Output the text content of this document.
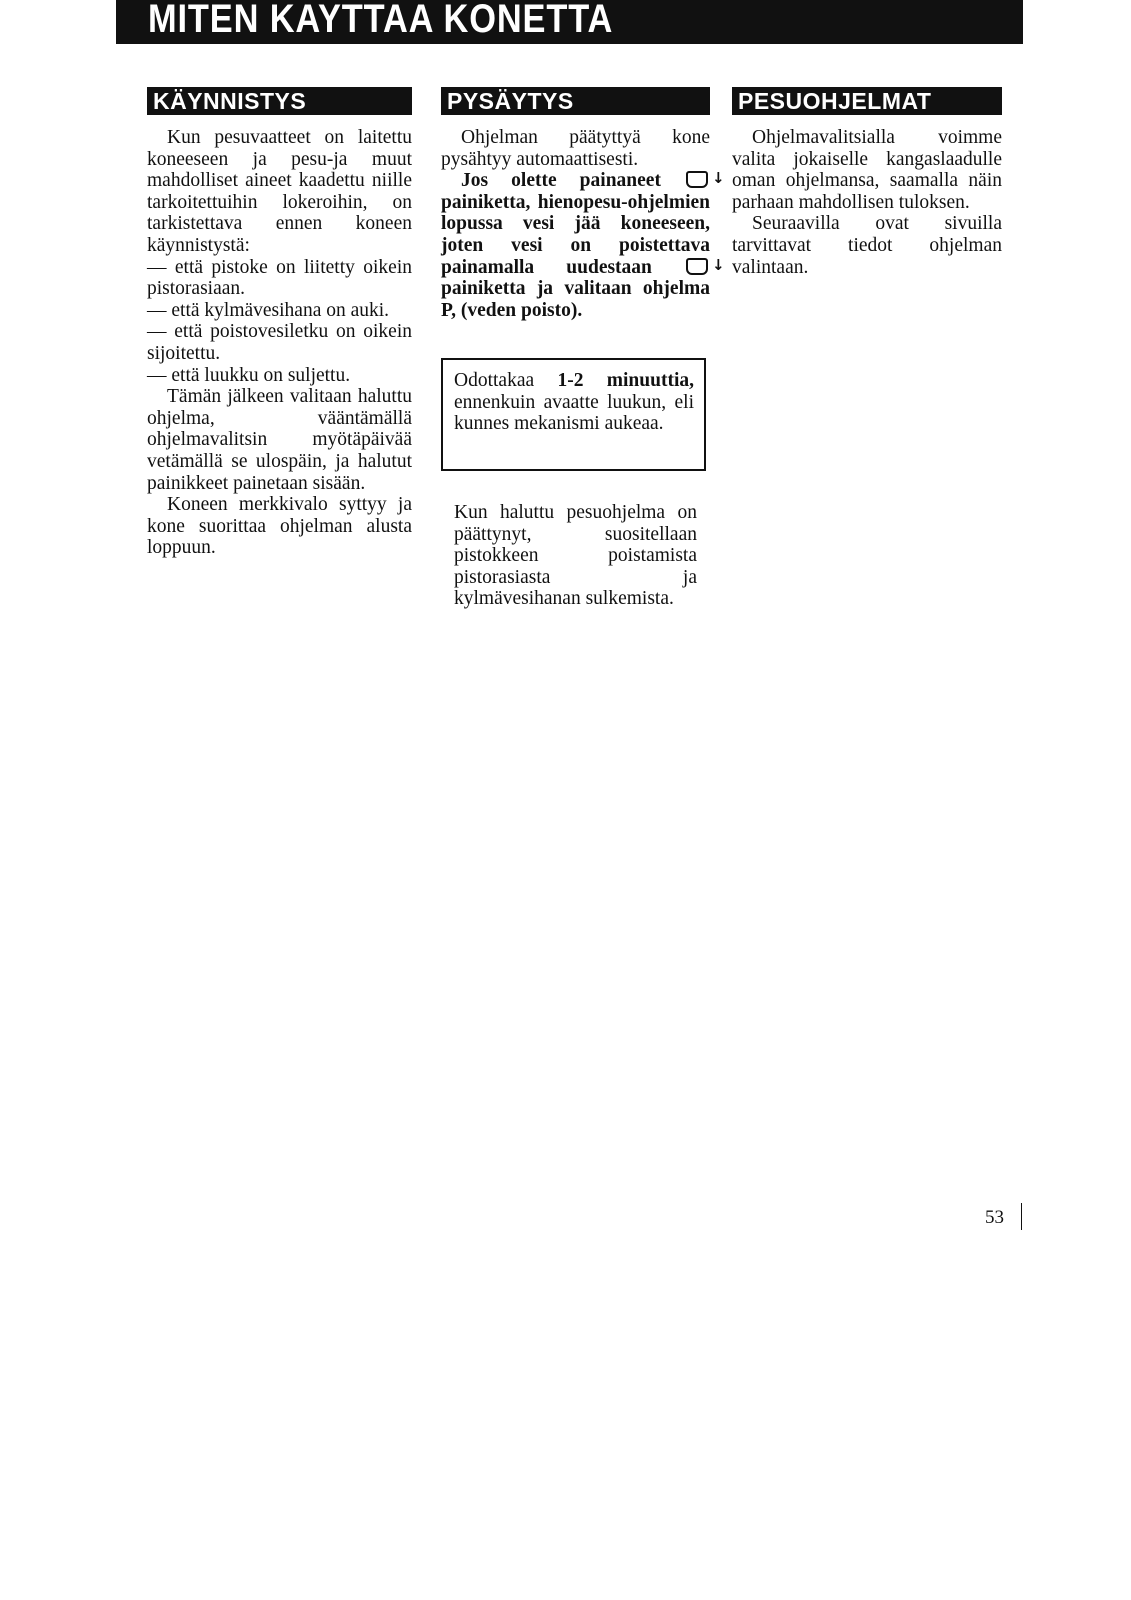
MITEN KAYTTAA KONETTA
KÄYNNISTYS

Kun pesuvaatteet on laitettu koneeseen ja pesu-ja muut mahdolliset aineet kaadettu niille tarkoitettuihin lokeroihin, on tarkistettava ennen koneen käynnistystä:

— että pistoke on liitetty oikein pistorasiaan.

— että kylmävesihana on auki.

— että poistovesiletku on oikein sijoitettu.

— että luukku on suljettu.

Tämän jälkeen valitaan haluttu ohjelma, vääntämällä ohjelmavalitsin myötäpäivää vetämällä se ulospäin, ja halutut painikkeet painetaan sisään.

Koneen merkkivalo syttyy ja kone suorittaa ohjelman alusta loppuun.

PYSÄYTYS

Ohjelman päätyttyä kone pysähtyy automaattisesti.

Jos olette painaneet ↓ painiketta, hienopesu-ohjelmien lopussa vesi jää koneeseen, joten vesi on poistettava painamalla uudestaan ↓ painiketta ja valitaan ohjelma P, (veden poisto).

Odottakaa 1-2 minuuttia, ennenkuin avaatte luukun, eli kunnes mekanismi aukeaa.
Kun haluttu pesuohjelma on päättynyt, suositellaan pistokkeen poistamista pistorasiasta ja kylmävesihanan sulkemista.
PESUOHJELMAT

Ohjelmavalitsialla voimme valita jokaiselle kangaslaadulle oman ohjelmansa, saamalla näin parhaan mahdollisen tuloksen.

Seuraavilla ovat sivuilla tarvittavat tiedot ohjelman valintaan.

53
